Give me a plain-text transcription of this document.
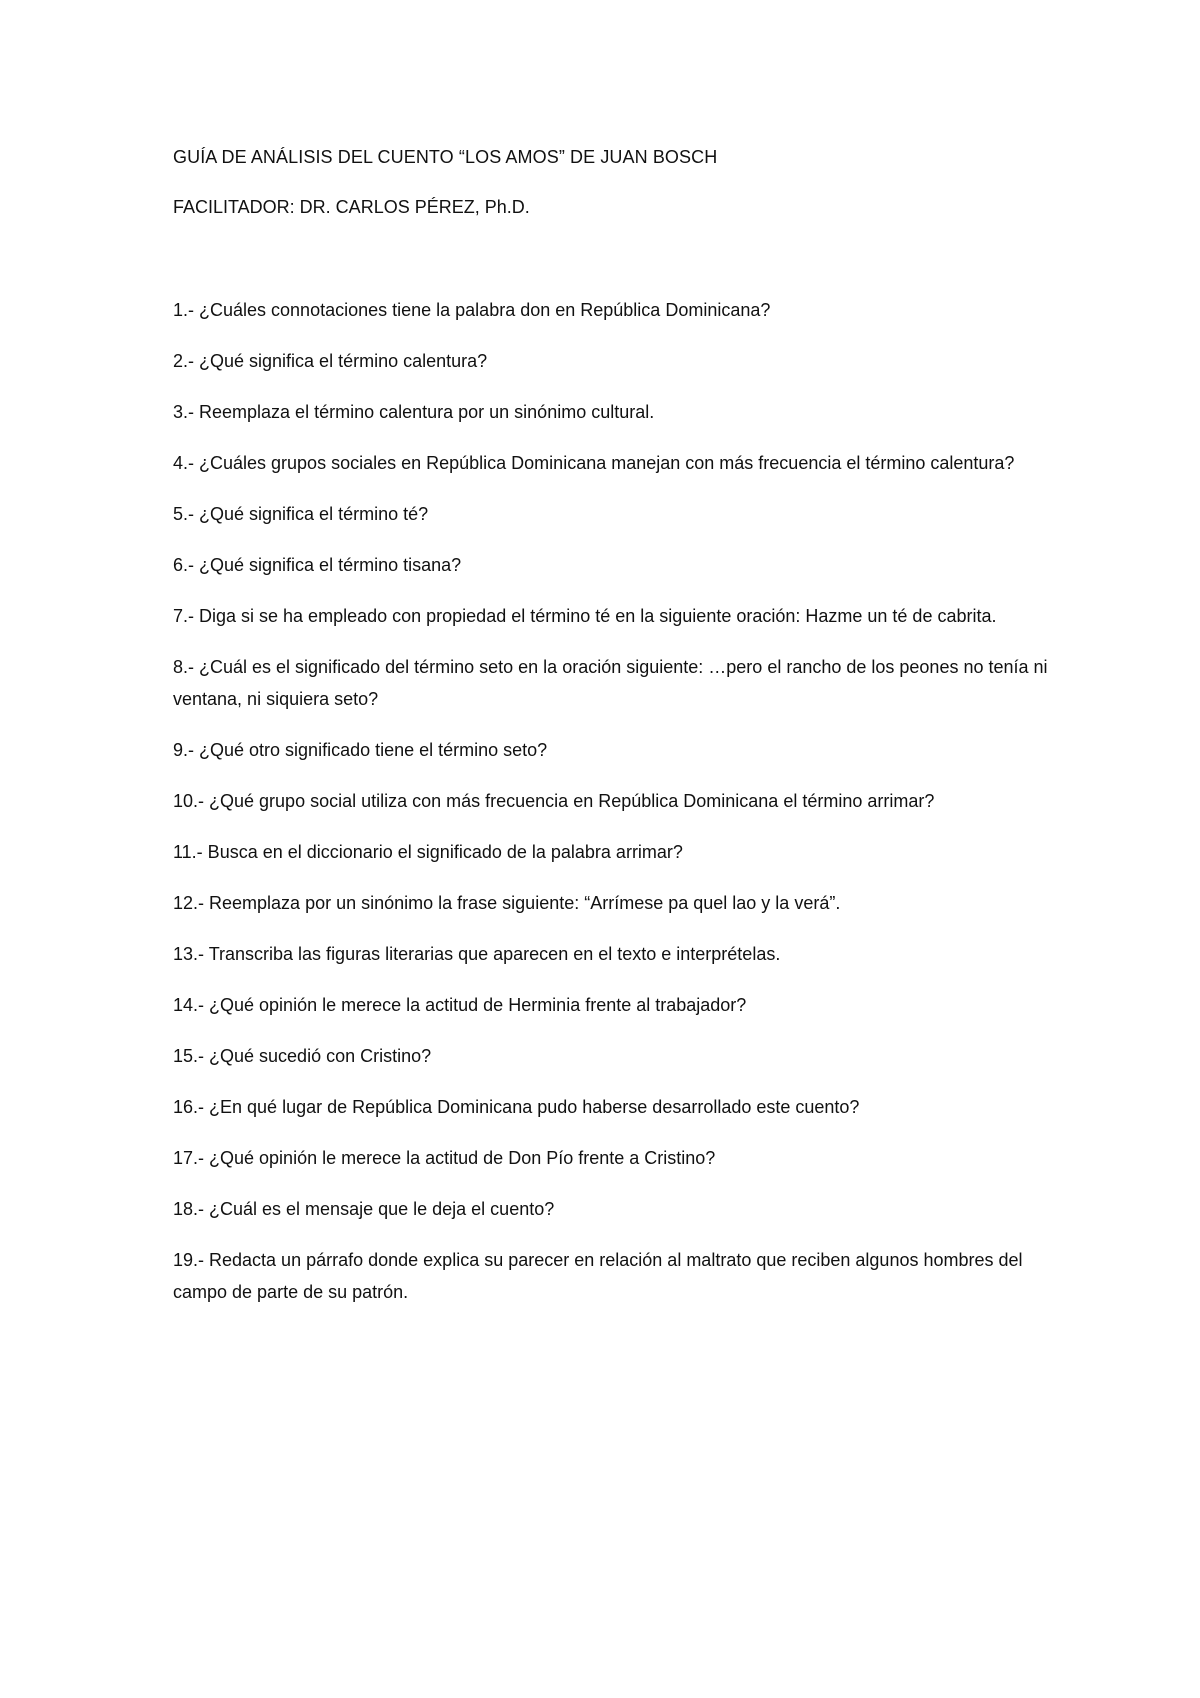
GUÍA DE ANÁLISIS DEL CUENTO “LOS AMOS” DE JUAN BOSCH

FACILITADOR: DR. CARLOS PÉREZ, Ph.D.

1.- ¿Cuáles connotaciones tiene la palabra don en República Dominicana?
2.- ¿Qué significa el término calentura?
3.- Reemplaza el término calentura por un sinónimo cultural.
4.- ¿Cuáles grupos sociales en República Dominicana manejan con más frecuencia el término calentura?
5.- ¿Qué significa el término té?
6.- ¿Qué significa el término tisana?
7.- Diga si se ha empleado con propiedad el término té en la siguiente oración: Hazme un té de cabrita.
8.- ¿Cuál es el significado del término seto en la oración siguiente: …pero el rancho de los peones no tenía ni ventana, ni siquiera seto?
9.- ¿Qué otro significado tiene el término seto?
10.- ¿Qué grupo social utiliza con más frecuencia en República Dominicana el término arrimar?
11.- Busca en el diccionario el significado de la palabra arrimar?
12.- Reemplaza por un sinónimo la frase siguiente: “Arrímese pa quel lao y la verá”.
13.- Transcriba las figuras literarias que aparecen en el texto e interprételas.
14.- ¿Qué opinión le merece la actitud de Herminia frente al trabajador?
15.- ¿Qué sucedió con Cristino?
16.- ¿En qué lugar de República Dominicana pudo haberse desarrollado este cuento?
17.- ¿Qué opinión le merece la actitud de Don Pío frente a Cristino?
18.- ¿Cuál es el mensaje que le deja el cuento?
19.- Redacta un párrafo donde explica su parecer en relación al maltrato que reciben algunos hombres del campo de parte de su patrón.
